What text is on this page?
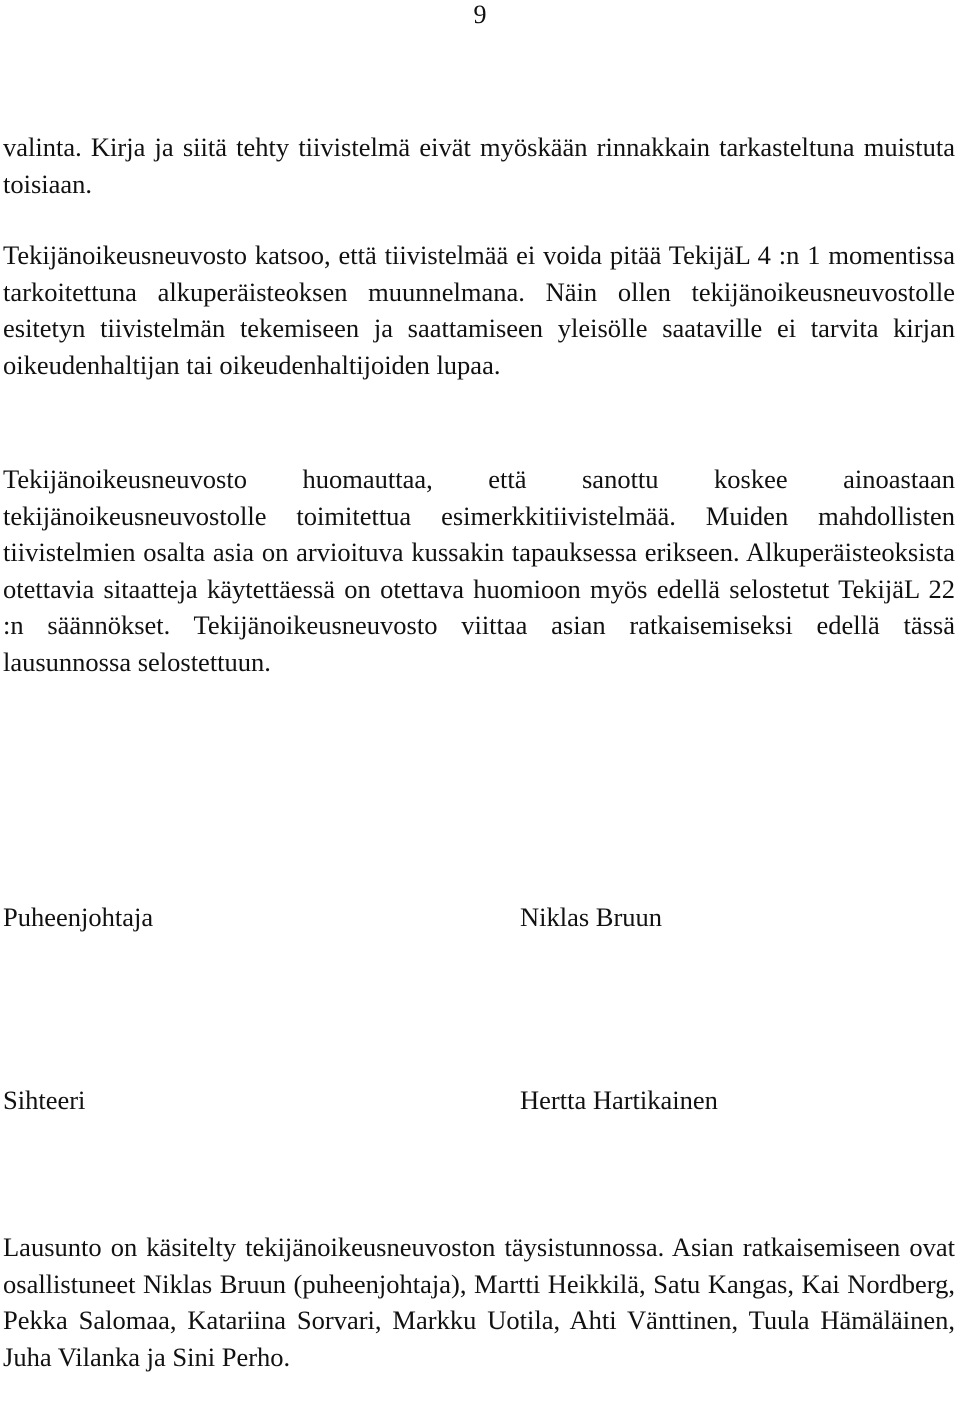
9

valinta. Kirja ja siitä tehty tiivistelmä eivät myöskään rinnakkain tarkasteltuna muistuta toisiaan.

Tekijänoikeusneuvosto katsoo, että tiivistelmää ei voida pitää TekijäL 4 :n 1 momentissa tarkoitettuna alkuperäisteoksen muunnelmana. Näin ollen tekijänoikeusneuvostolle esitetyn tiivistelmän tekemiseen ja saattamiseen yleisölle saataville ei tarvita kirjan oikeudenhaltijan tai oikeudenhaltijoiden lupaa.

Tekijänoikeusneuvosto huomauttaa, että sanottu koskee ainoastaan tekijänoikeusneuvostolle toimitettua esimerkkitiivistelmää. Muiden mahdollisten tiivistelmien osalta asia on arvioituva kussakin tapauksessa erikseen. Alkuperäisteoksista otettavia sitaatteja käytettäessä on otettava huomioon myös edellä selostetut TekijäL 22 :n säännökset. Tekijänoikeusneuvosto viittaa asian ratkaisemiseksi edellä tässä lausunnossa selostettuun.

Puheenjohtaja	Niklas Bruun

Sihteeri	Hertta Hartikainen

Lausunto on käsitelty tekijänoikeusneuvoston täysistunnossa. Asian ratkaisemiseen ovat osallistuneet Niklas Bruun (puheenjohtaja), Martti Heikkilä, Satu Kangas, Kai Nordberg, Pekka Salomaa, Katariina Sorvari, Markku Uotila, Ahti Vänttinen, Tuula Hämäläinen, Juha Vilanka ja Sini Perho.
